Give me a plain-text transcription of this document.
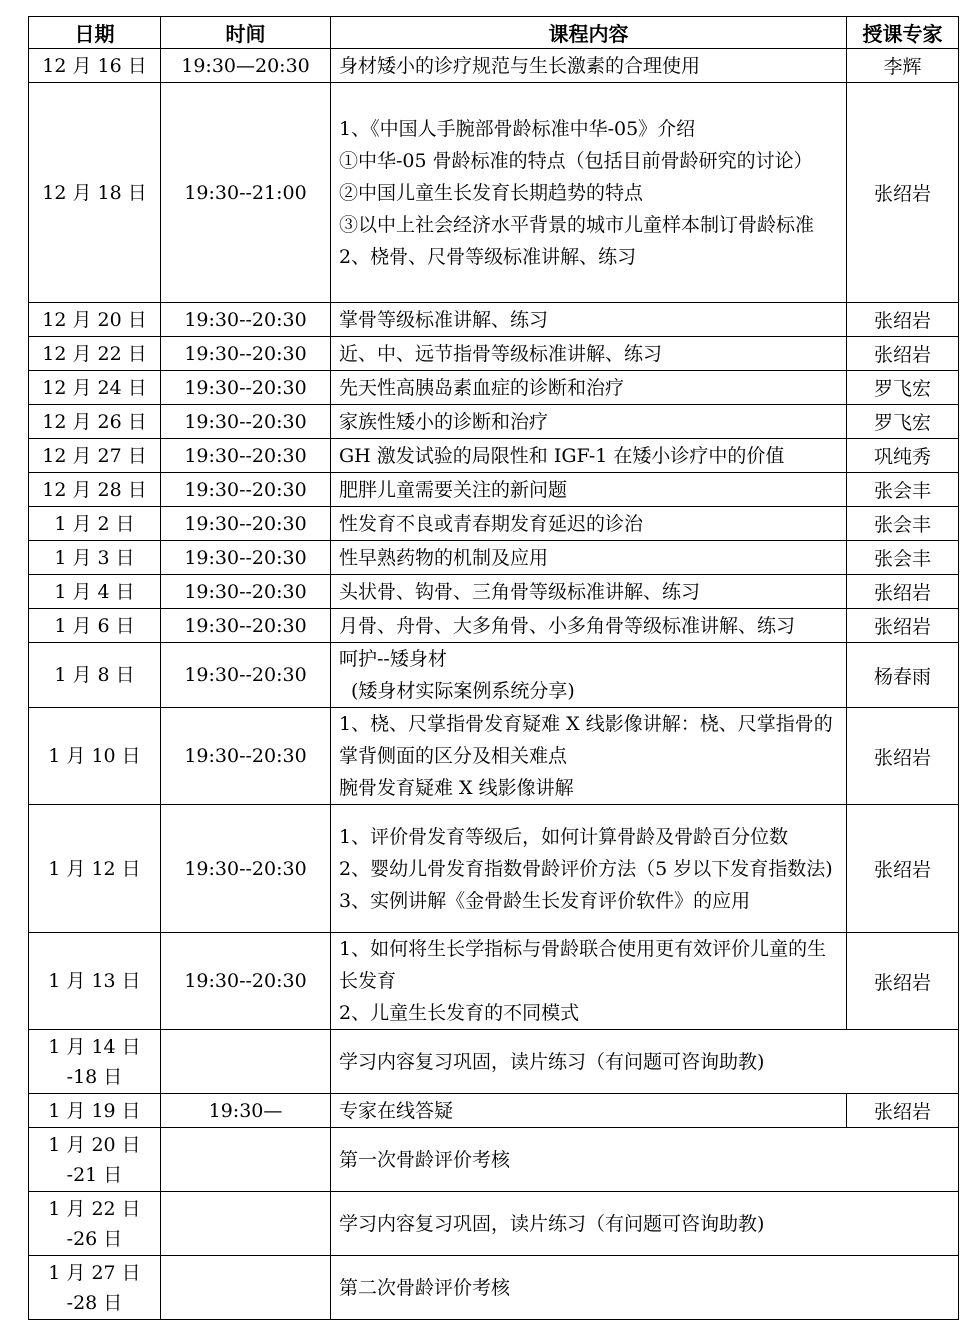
日期	时间	课程内容	授课专家

12 月 16 日	19:30—20:30	身材矮小的诊疗规范与生长激素的合理使用	李辉

12 月 18 日	19:30--21:00	1、《中国人手腕部骨龄标准中华-05》介绍
①中华-05 骨龄标准的特点（包括目前骨龄研究的讨论）
②中国儿童生长发育长期趋势的特点
③以中上社会经济水平背景的城市儿童样本制订骨龄标准
2、桡骨、尺骨等级标准讲解、练习	张绍岩

12 月 20 日	19:30--20:30	掌骨等级标准讲解、练习	张绍岩

12 月 22 日	19:30--20:30	近、中、远节指骨等级标准讲解、练习	张绍岩

12 月 24 日	19:30--20:30	先天性高胰岛素血症的诊断和治疗	罗飞宏

12 月 26 日	19:30--20:30	家族性矮小的诊断和治疗	罗飞宏

12 月 27 日	19:30--20:30	GH 激发试验的局限性和 IGF-1 在矮小诊疗中的价值	巩纯秀

12 月 28 日	19:30--20:30	肥胖儿童需要关注的新问题	张会丰

1 月 2 日	19:30--20:30	性发育不良或青春期发育延迟的诊治	张会丰

1 月 3 日	19:30--20:30	性早熟药物的机制及应用	张会丰

1 月 4 日	19:30--20:30	头状骨、钩骨、三角骨等级标准讲解、练习	张绍岩

1 月 6 日	19:30--20:30	月骨、舟骨、大多角骨、小多角骨等级标准讲解、练习	张绍岩

1 月 8 日	19:30--20:30	呵护--矮身材
(矮身材实际案例系统分享)	杨春雨

1 月 10 日	19:30--20:30	1、桡、尺掌指骨发育疑难 X 线影像讲解：桡、尺掌指骨的掌背侧面的区分及相关难点
腕骨发育疑难 X 线影像讲解	张绍岩

1 月 12 日	19:30--20:30	1、评价骨发育等级后，如何计算骨龄及骨龄百分位数
2、婴幼儿骨发育指数骨龄评价方法（5 岁以下发育指数法)
3、实例讲解《金骨龄生长发育评价软件》的应用	张绍岩

1 月 13 日	19:30--20:30	1、如何将生长学指标与骨龄联合使用更有效评价儿童的生长发育
2、儿童生长发育的不同模式	张绍岩

1 月 14 日
-18 日		学习内容复习巩固，读片练习（有问题可咨询助教)	

1 月 19 日	19:30—	专家在线答疑	张绍岩

1 月 20 日
-21 日		第一次骨龄评价考核	

1 月 22 日
-26 日		学习内容复习巩固，读片练习（有问题可咨询助教)	

1 月 27 日
-28 日		第二次骨龄评价考核	
